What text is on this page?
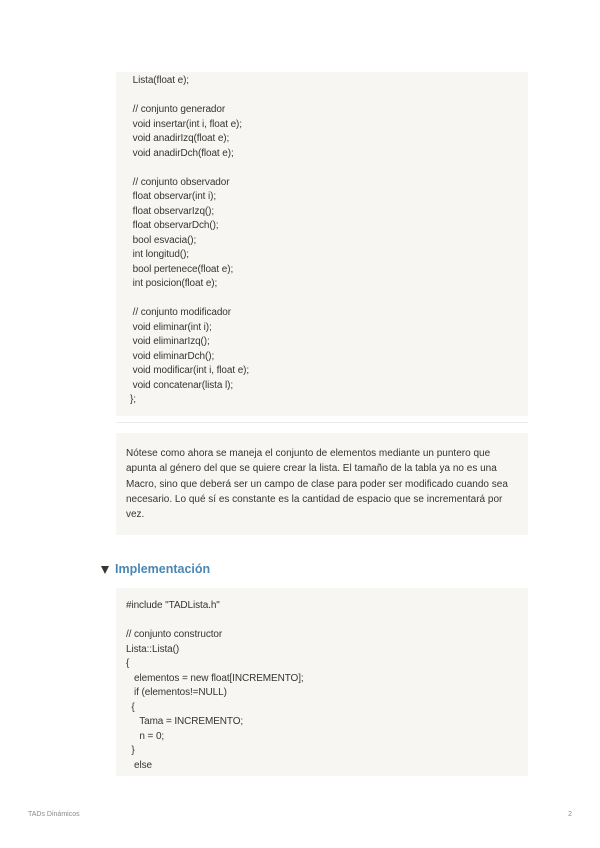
Lista(float e);
// conjunto generador
void insertar(int i, float e);
void anadirIzq(float e);
void anadirDch(float e);
// conjunto observador
float observar(int i);
float observarIzq();
float observarDch();
bool esvacia();
int longitud();
bool pertenece(float e);
int posicion(float e);
// conjunto modificador
void eliminar(int i);
void eliminarIzq();
void eliminarDch();
void modificar(int i, float e);
void concatenar(lista l);
};
Nótese como ahora se maneja el conjunto de elementos mediante un puntero que apunta al género del que se quiere crear la lista. El tamaño de la tabla ya no es una Macro, sino que deberá ser un campo de clase para poder ser modificado cuando sea necesario. Lo qué sí es constante es la cantidad de espacio que se incrementará por vez.
Implementación
#include "TADLista.h"
// conjunto constructor
Lista::Lista()
{
elementos = new float[INCREMENTO];
if (elementos!=NULL)
{
Tama = INCREMENTO;
n = 0;
}
else
TADs Dinámicos	2
